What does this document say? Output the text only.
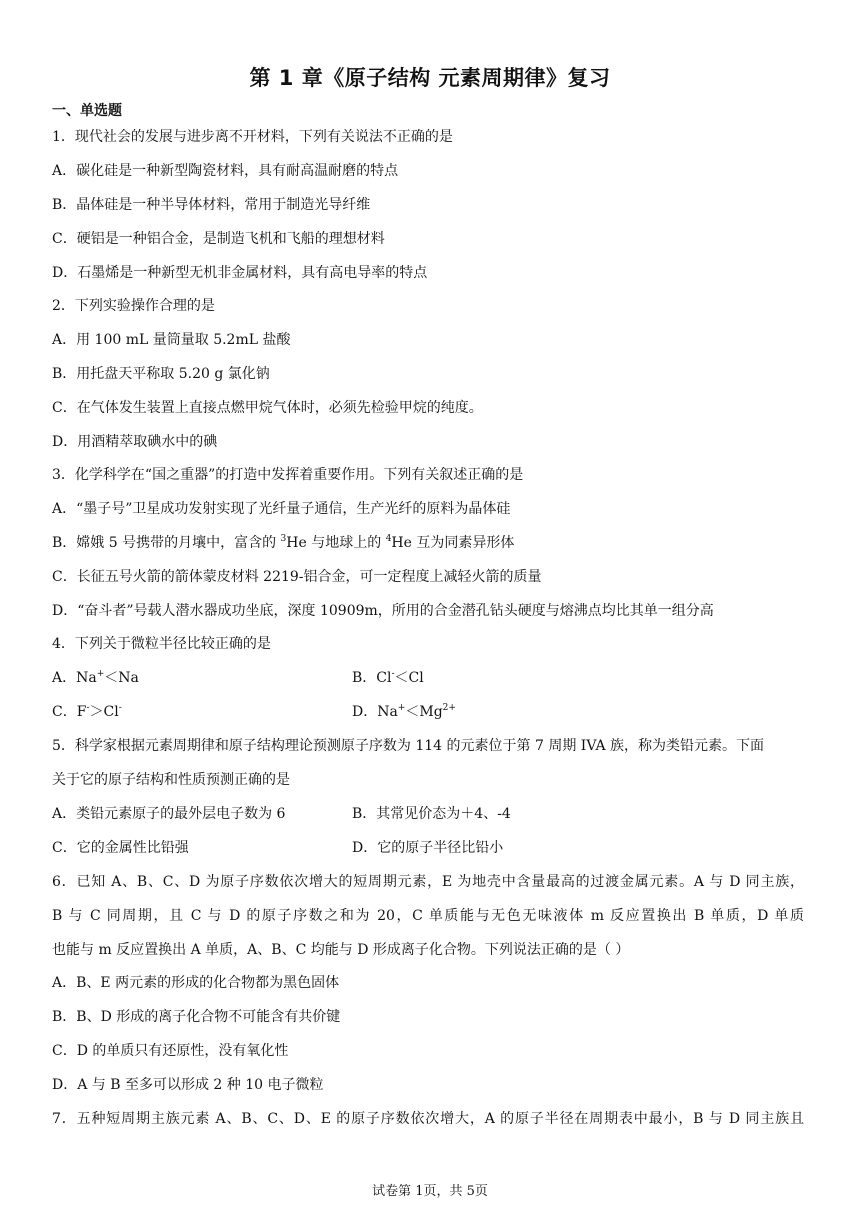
第 1 章《原子结构 元素周期律》复习
一、单选题
1．现代社会的发展与进步离不开材料，下列有关说法不正确的是
A．碳化硅是一种新型陶瓷材料，具有耐高温耐磨的特点
B．晶体硅是一种半导体材料，常用于制造光导纤维
C．硬铝是一种铝合金，是制造飞机和飞船的理想材料
D．石墨烯是一种新型无机非金属材料，具有高电导率的特点
2．下列实验操作合理的是
A．用 100 mL 量筒量取 5.2mL 盐酸
B．用托盘天平称取 5.20 g 氯化钠
C．在气体发生装置上直接点燃甲烷气体时，必须先检验甲烷的纯度。
D．用酒精萃取碘水中的碘
3．化学科学在“国之重器”的打造中发挥着重要作用。下列有关叙述正确的是
A．“墨子号”卫星成功发射实现了光纤量子通信，生产光纤的原料为晶体硅
B．嫦娥 5 号携带的月壤中，富含的 $^3$He 与地球上的 $^4$He 互为同素异形体
C．长征五号火箭的箭体蒙皮材料 2219-铝合金，可一定程度上减轻火箭的质量
D．“奋斗者”号载人潜水器成功坐底，深度 10909m，所用的合金潜孔钻头硬度与熔沸点均比其单一组分高
4．下列关于微粒半径比较正确的是
A．Na+＜Na	B．Cl-＜Cl
C．F-＞Cl-	D．$Na^+<Mg^{2+}$
5．科学家根据元素周期律和原子结构理论预测原子序数为 114 的元素位于第 7 周期 IVA 族，称为类铅元素。下面
关于它的原子结构和性质预测正确的是
A．类铅元素原子的最外层电子数为 6	B．其常见价态为＋4、-4
C．它的金属性比铅强	D．它的原子半径比铅小
6．已知 A、B、C、D 为原子序数依次增大的短周期元素，E 为地壳中含量最高的过渡金属元素。A 与 D 同主族，
B 与 C 同周期，且 C 与 D 的原子序数之和为 20，C 单质能与无色无味液体 m 反应置换出 B 单质，D 单质
也能与 m 反应置换出 A 单质，A、B、C 均能与 D 形成离子化合物。下列说法正确的是（ ）
A．B、E 两元素的形成的化合物都为黑色固体
B．B、D 形成的离子化合物不可能含有共价键
C．D 的单质只有还原性，没有氧化性
D．A 与 B 至多可以形成 2 种 10 电子微粒
7．五种短周期主族元素 A、B、C、D、E 的原子序数依次增大，A 的原子半径在周期表中最小，B 与 D 同主族且
试卷第 1页，共 5页
